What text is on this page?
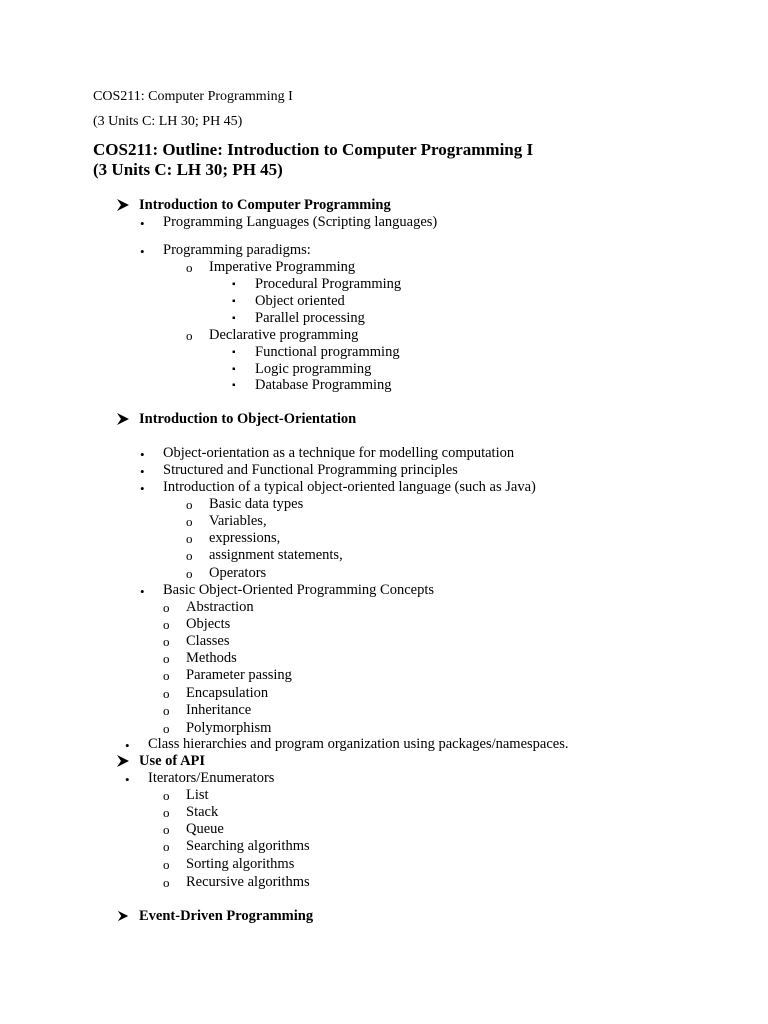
COS211: Computer Programming I
(3 Units C: LH 30; PH 45)
COS211: Outline: Introduction to Computer Programming I
(3 Units C: LH 30; PH 45)
Introduction to Computer Programming
• Programming Languages (Scripting languages)
• Programming paradigms:
o Imperative Programming
▪ Procedural Programming
▪ Object oriented
▪ Parallel processing
o Declarative programming
▪ Functional programming
▪ Logic programming
▪ Database Programming
Introduction to Object-Orientation
• Object-orientation as a technique for modelling computation
• Structured and Functional Programming principles
• Introduction of a typical object-oriented language (such as Java)
o Basic data types
o Variables,
o expressions,
o assignment statements,
o Operators
• Basic Object-Oriented Programming Concepts
o Abstraction
o Objects
o Classes
o Methods
o Parameter passing
o Encapsulation
o Inheritance
o Polymorphism
• Class hierarchies and program organization using packages/namespaces.
Use of API
• Iterators/Enumerators
o List
o Stack
o Queue
o Searching algorithms
o Sorting algorithms
o Recursive algorithms
Event-Driven Programming
